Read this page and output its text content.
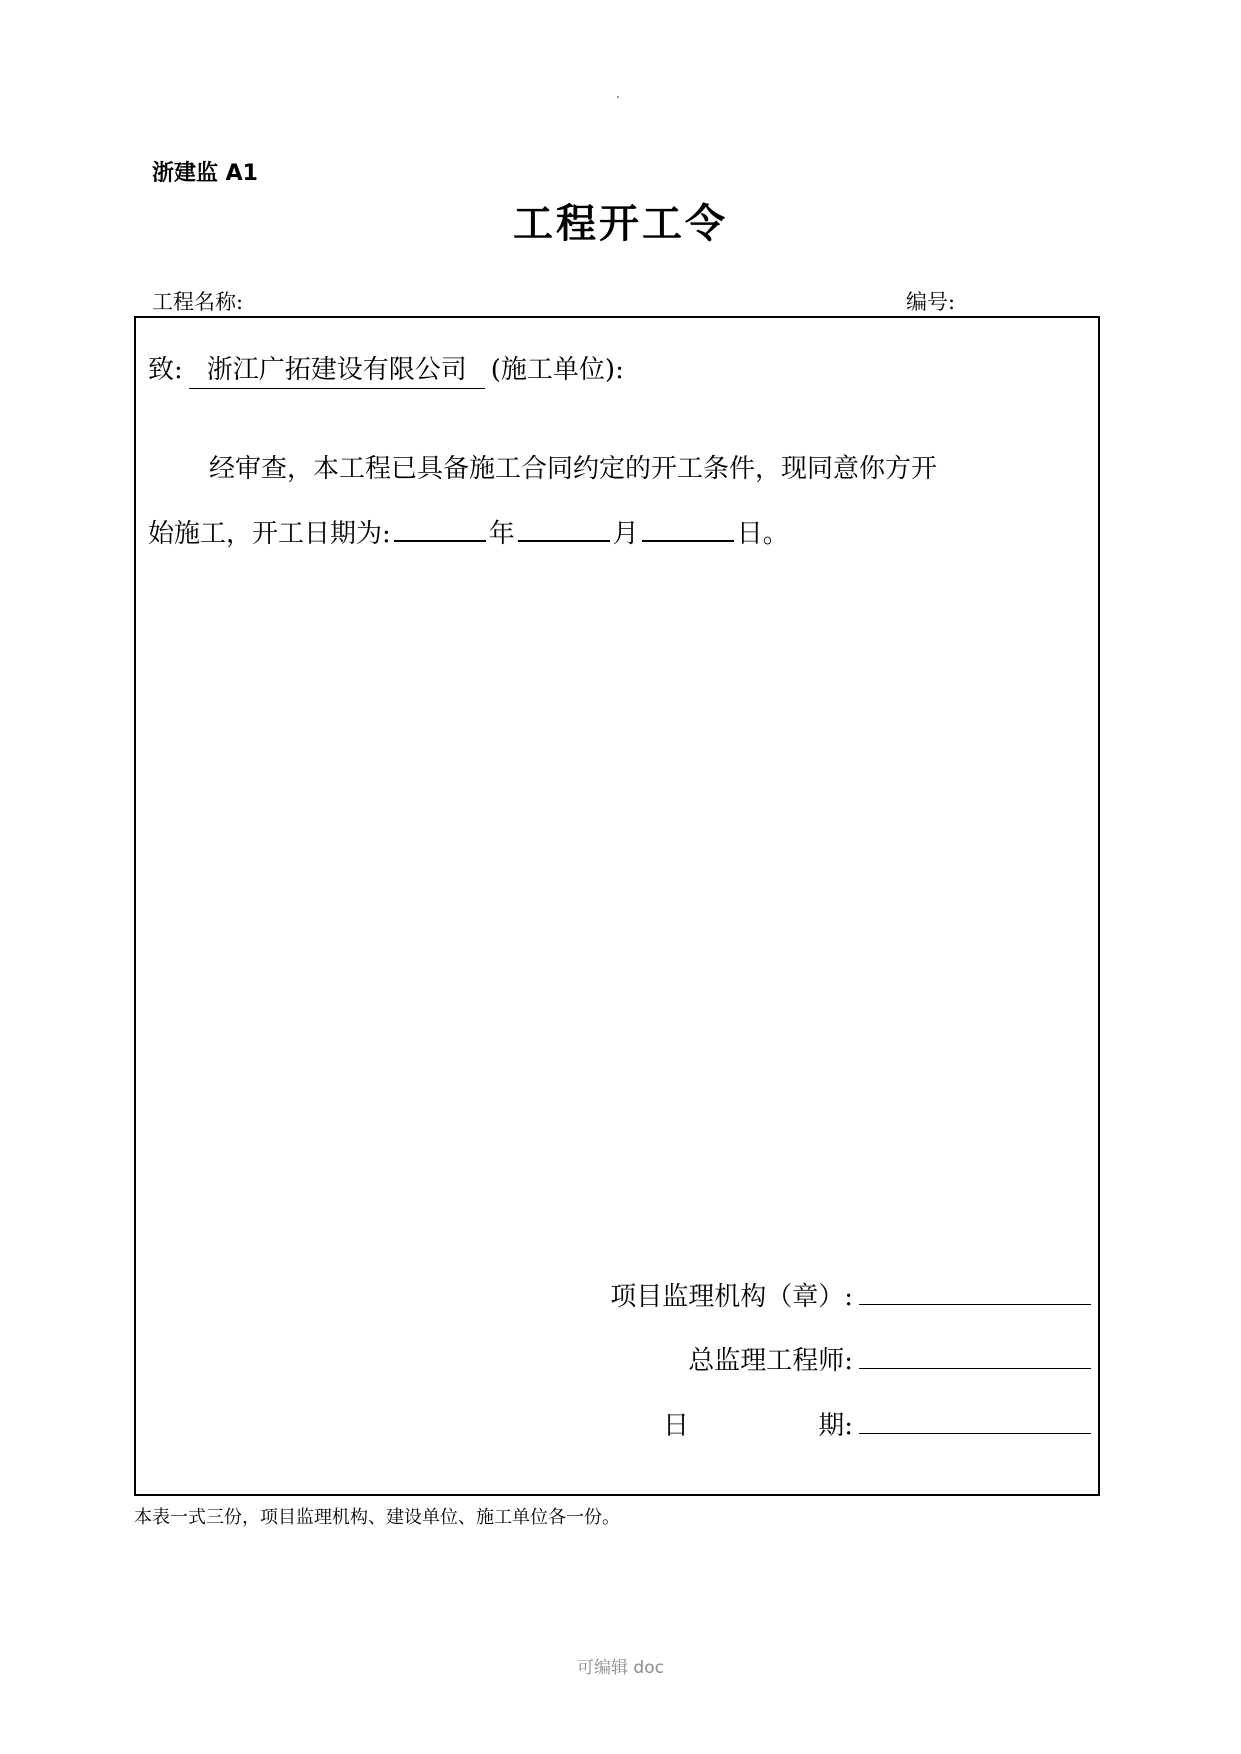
浙建监 A1
工程开工令
工程名称:	编号:
致: 浙江广拓建设有限公司 (施工单位):
经审查，本工程已具备施工合同约定的开工条件，现同意你方开
始施工，开工日期为:	年	月	日。
项目监理机构（章）:
总监理工程师:
日	期:
本表一式三份，项目监理机构、建设单位、施工单位各一份。
可编辑 doc
